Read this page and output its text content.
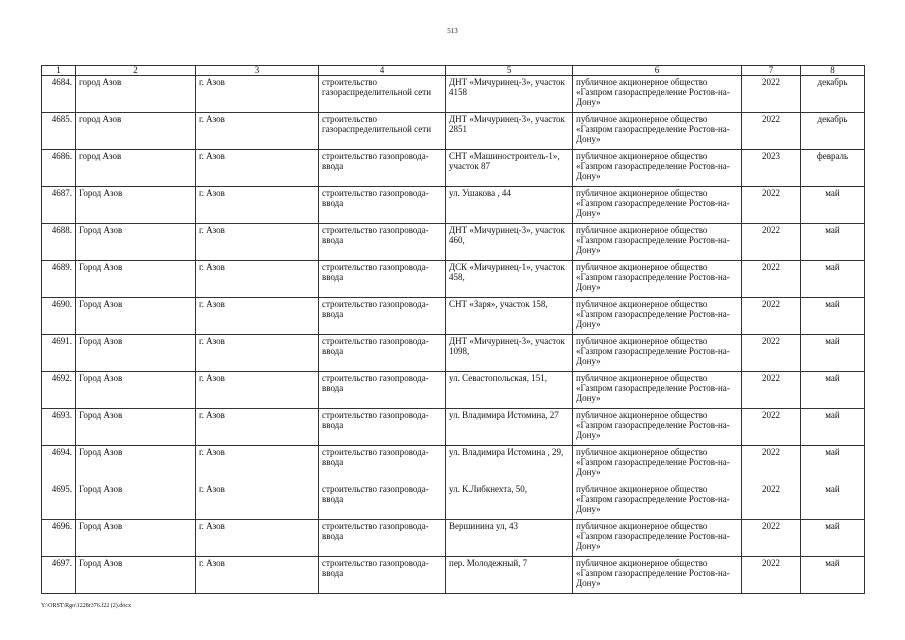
513
1	2	3	4	5	6	7	8
4684.	город Азов	г. Азов	строительство газораспределительной сети	ДНТ «Мичуринец-3», участок 4158	публичное акционерное общество «Газпром газораспределение Ростов-на-Дону»	2022	декабрь
4685.	город Азов	г. Азов	строительство газораспределительной сети	ДНТ «Мичуринец-3», участок 2851	публичное акционерное общество «Газпром газораспределение Ростов-на-Дону»	2022	декабрь
4686.	город Азов	г. Азов	строительство газопровода-ввода	СНТ «Машиностроитель-1», участок 87	публичное акционерное общество «Газпром газораспределение Ростов-на-Дону»	2023	февраль
4687.	Город Азов	г. Азов	строительство газопровода-ввода	ул. Ушакова , 44	публичное акционерное общество «Газпром газораспределение Ростов-на-Дону»	2022	май
4688.	Город Азов	г. Азов	строительство газопровода-ввода	ДНТ «Мичуринец-3», участок 460,	публичное акционерное общество «Газпром газораспределение Ростов-на-Дону»	2022	май
4689.	Город Азов	г. Азов	строительство газопровода-ввода	ДСК «Мичуринец-1», участок 458,	публичное акционерное общество «Газпром газораспределение Ростов-на-Дону»	2022	май
4690.	Город Азов	г. Азов	строительство газопровода-ввода	СНТ «Заря», участок 158,	публичное акционерное общество «Газпром газораспределение Ростов-на-Дону»	2022	май
4691.	Город Азов	г. Азов	строительство газопровода-ввода	ДНТ «Мичуринец-3», участок 1098,	публичное акционерное общество «Газпром газораспределение Ростов-на-Дону»	2022	май
4692.	Город Азов	г. Азов	строительство газопровода-ввода	ул. Севастопольская, 151,	публичное акционерное общество «Газпром газораспределение Ростов-на-Дону»	2022	май
4693.	Город Азов	г. Азов	строительство газопровода-ввода	ул. Владимира Истомина, 27	публичное акционерное общество «Газпром газораспределение Ростов-на-Дону»	2022	май
4694.	Город Азов	г. Азов	строительство газопровода-ввода	ул. Владимира Истомина , 29,	публичное акционерное общество «Газпром газораспределение Ростов-на-Дону»	2022	май
4695.	Город Азов	г. Азов	строительство газопровода-ввода	ул. К.Либкнехта, 50,	публичное акционерное общество «Газпром газораспределение Ростов-на-Дону»	2022	май
4696.	Город Азов	г. Азов	строительство газопровода-ввода	Вершинина ул, 43	публичное акционерное общество «Газпром газораспределение Ростов-на-Дону»	2022	май
4697.	Город Азов	г. Азов	строительство газопровода-ввода	пер. Молодежный, 7	публичное акционерное общество «Газпром газораспределение Ростов-на-Дону»	2022	май
Y:\ORST\Rgo\1228r376.f22 (2).docx
